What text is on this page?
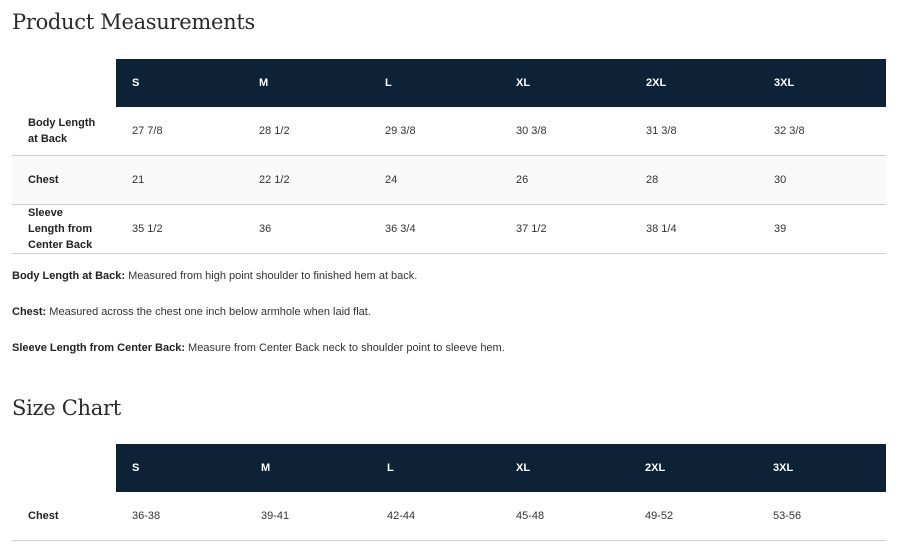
Product Measurements
	S	M	L	XL	2XL	3XL
Body Length at Back	27 7/8	28 1/2	29 3/8	30 3/8	31 3/8	32 3/8
Chest	21	22 1/2	24	26	28	30
Sleeve Length from Center Back	35 1/2	36	36 3/4	37 1/2	38 1/4	39

Body Length at Back: Measured from high point shoulder to finished hem at back.

Chest: Measured across the chest one inch below armhole when laid flat.

Sleeve Length from Center Back: Measure from Center Back neck to shoulder point to sleeve hem.

Size Chart
	S	M	L	XL	2XL	3XL
Chest	36-38	39-41	42-44	45-48	49-52	53-56
